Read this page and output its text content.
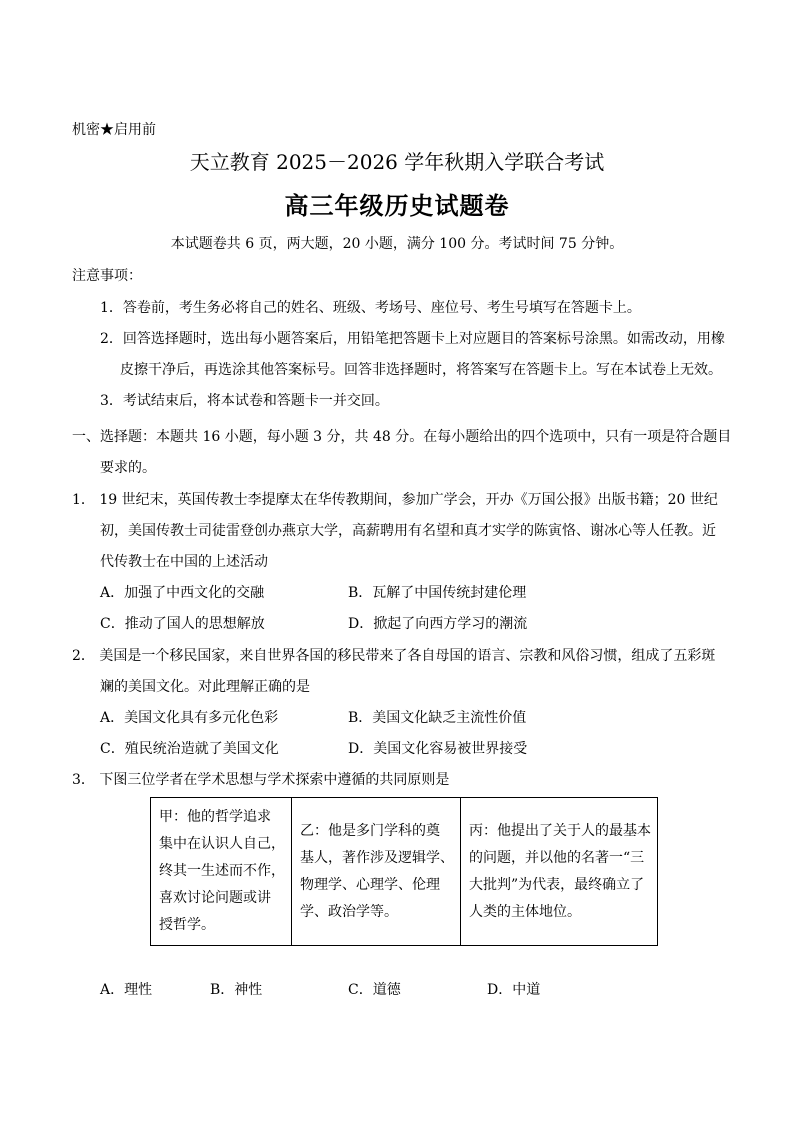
机密★启用前
天立教育 2025－2026 学年秋期入学联合考试
高三年级历史试题卷
本试题卷共 6 页，两大题，20 小题，满分 100 分。考试时间 75 分钟。
注意事项：
1．答卷前，考生务必将自己的姓名、班级、考场号、座位号、考生号填写在答题卡上。
2．回答选择题时，选出每小题答案后，用铅笔把答题卡上对应题目的答案标号涂黑。如需改动，用橡
皮擦干净后，再选涂其他答案标号。回答非选择题时，将答案写在答题卡上。写在本试卷上无效。
3．考试结束后，将本试卷和答题卡一并交回。
一、选择题：本题共 16 小题，每小题 3 分，共 48 分。在每小题给出的四个选项中，只有一项是符合题目
要求的。
1． 19 世纪末，英国传教士李提摩太在华传教期间，参加广学会，开办《万国公报》出版书籍；20 世纪
初，美国传教士司徒雷登创办燕京大学，高薪聘用有名望和真才实学的陈寅恪、谢冰心等人任教。近
代传教士在中国的上述活动
A．加强了中西文化的交融	B．瓦解了中国传统封建伦理
C．推动了国人的思想解放	D．掀起了向西方学习的潮流
2． 美国是一个移民国家，来自世界各国的移民带来了各自母国的语言、宗教和风俗习惯，组成了五彩斑
斓的美国文化。对此理解正确的是
A．美国文化具有多元化色彩	B．美国文化缺乏主流性价值
C．殖民统治造就了美国文化	D．美国文化容易被世界接受
3． 下图三位学者在学术思想与学术探索中遵循的共同原则是
甲：他的哲学追求
集中在认识人自己，
终其一生述而不作，
喜欢讨论问题或讲
授哲学。

乙：他是多门学科的奠
基人，著作涉及逻辑学、
物理学、心理学、伦理
学、政治学等。

丙：他提出了关于人的最基本
的问题，并以他的名著一“三
大批判”为代表，最终确立了
人类的主体地位。
A．理性	B．神性	C．道德	D．中道
